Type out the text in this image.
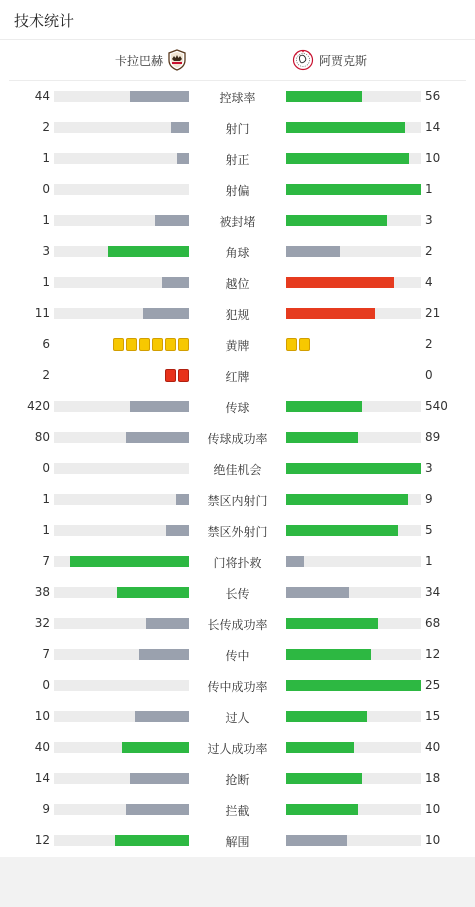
技术统计
卡拉巴赫	阿贾克斯
44	控球率	56
2	射门	14
1	射正	10
0	射偏	1
1	被封堵	3
3	角球	2
1	越位	4
11	犯规	21
6	黄牌	2
2	红牌	0
420	传球	540
80	传球成功率	89
0	绝佳机会	3
1	禁区内射门	9
1	禁区外射门	5
7	门将扑救	1
38	长传	34
32	长传成功率	68
7	传中	12
0	传中成功率	25
10	过人	15
40	过人成功率	40
14	抢断	18
9	拦截	10
12	解围	10
